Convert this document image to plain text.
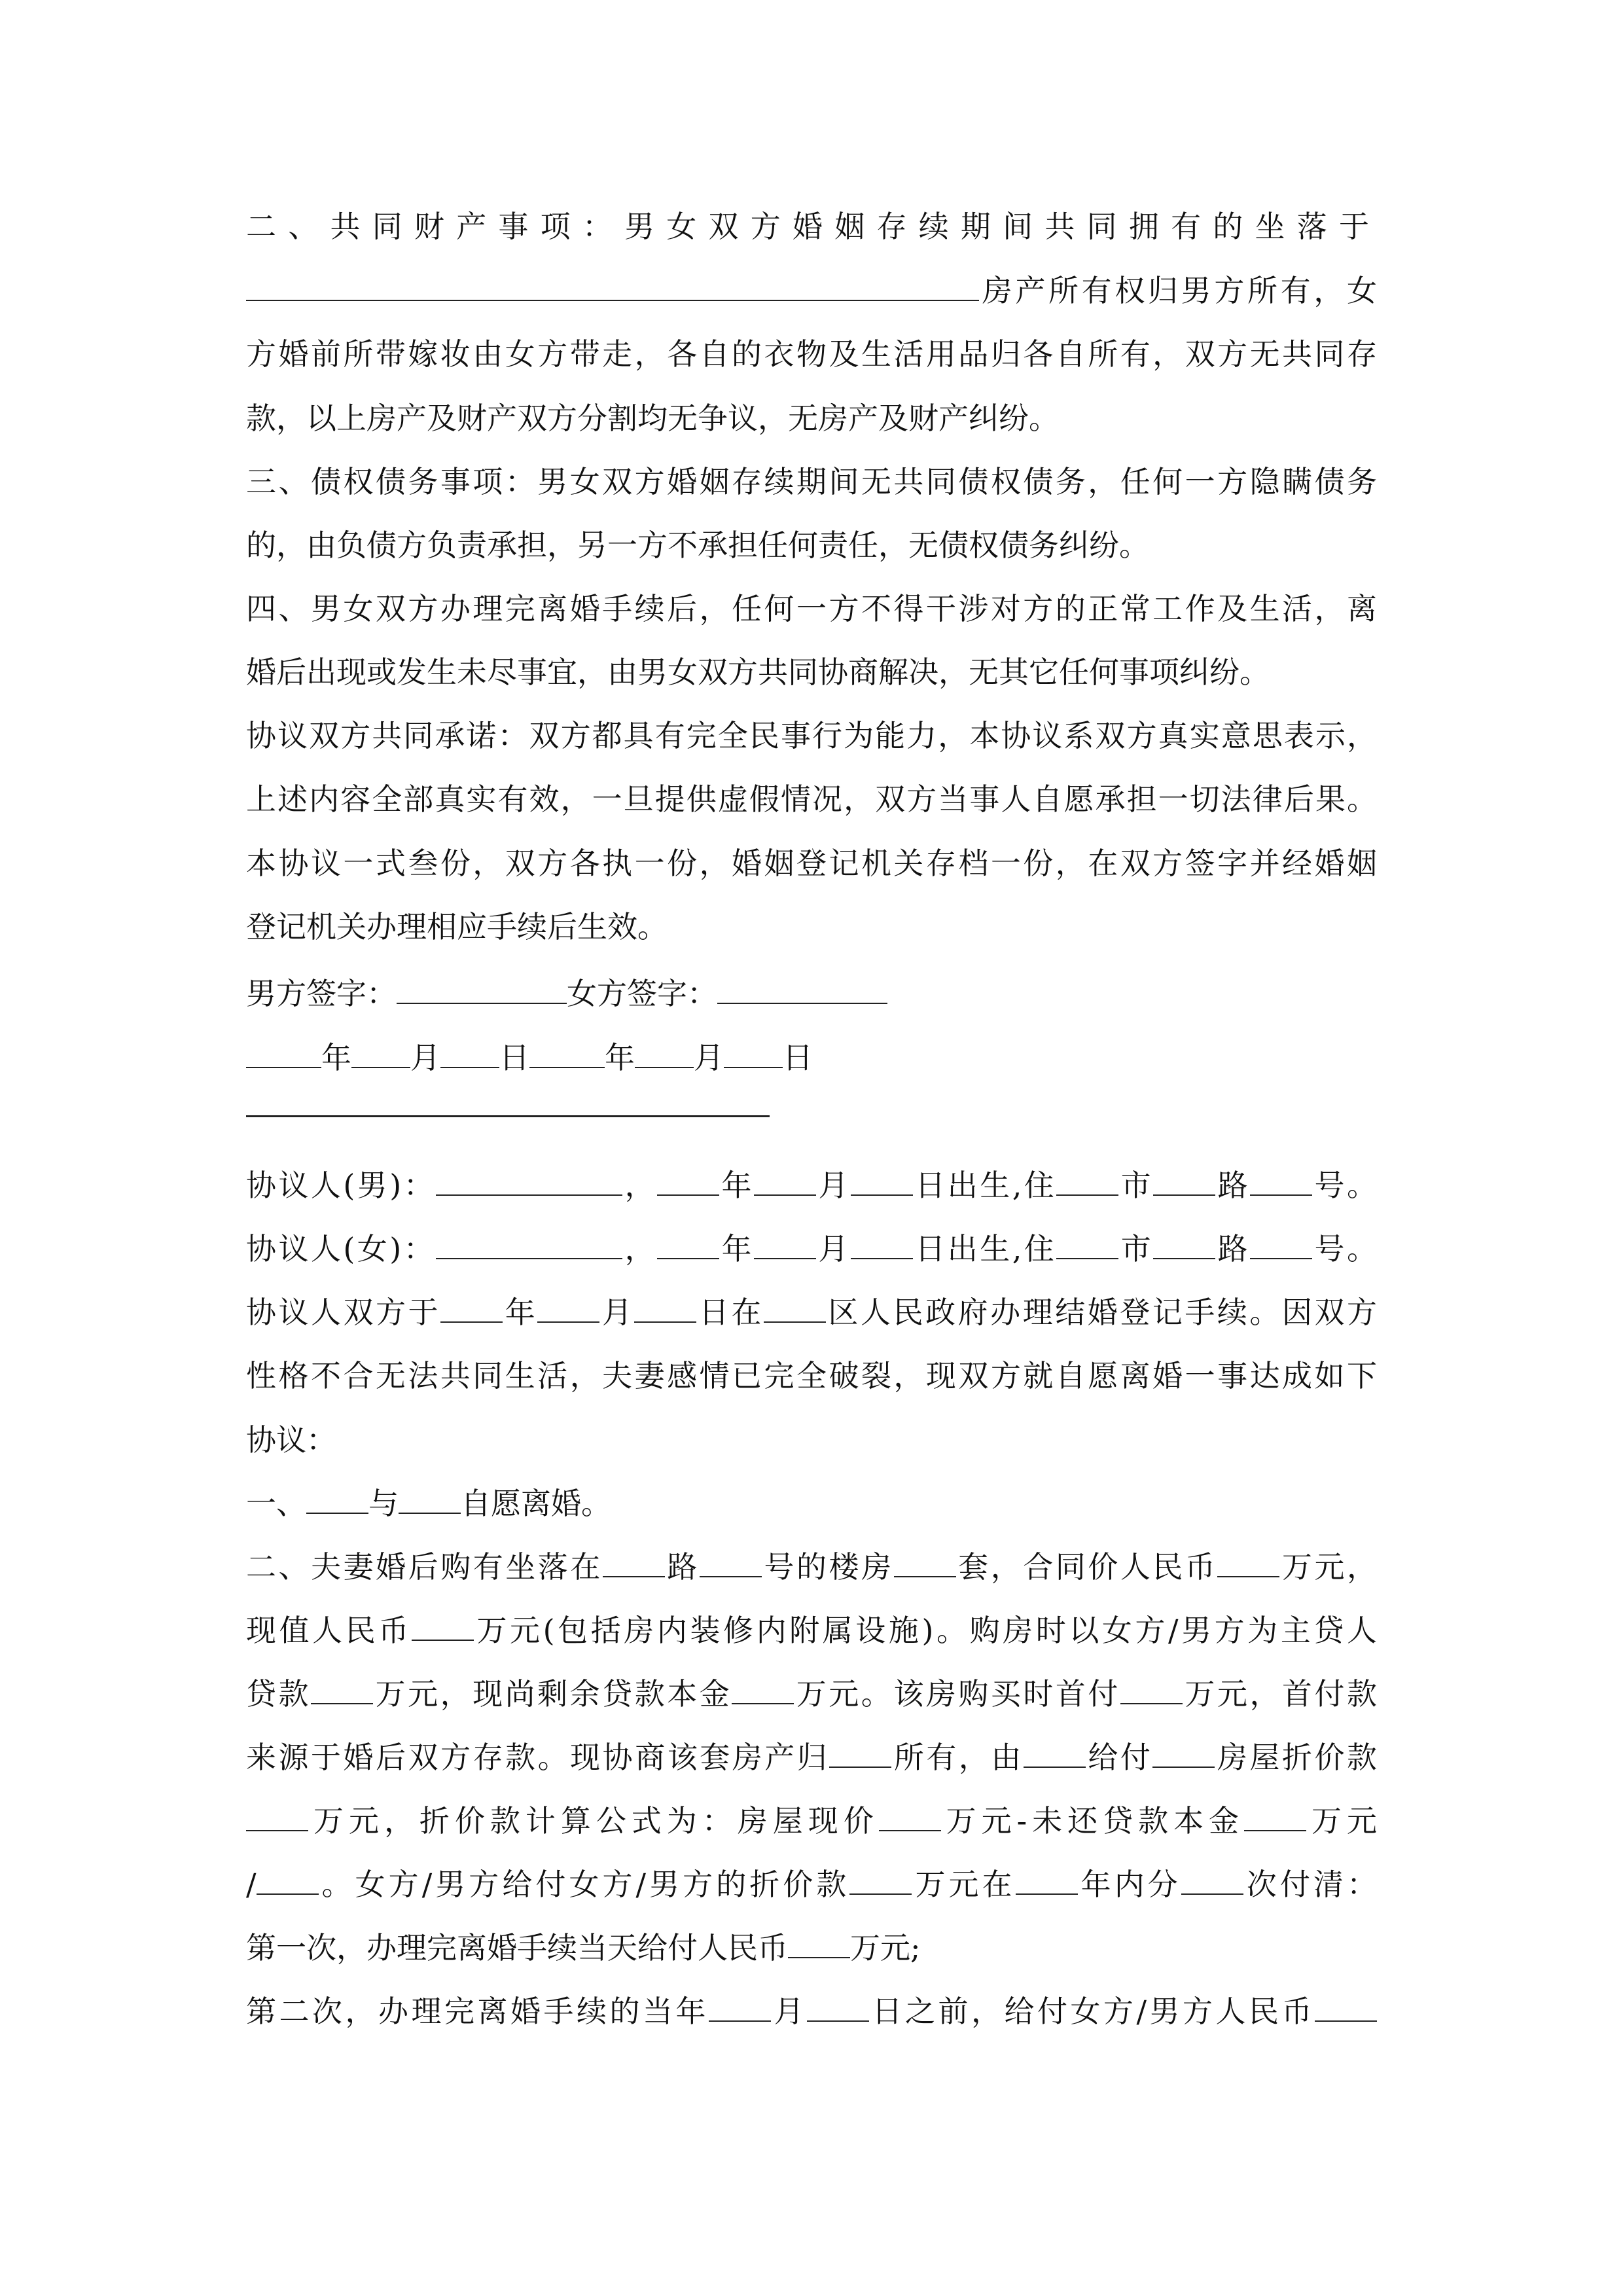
二、共同财产事项：男女双方婚姻存续期间共同拥有的坐落于

房产所有权归男方所有，女

方婚前所带嫁妆由女方带走，各自的衣物及生活用品归各自所有，双方无共同存

款，以上房产及财产双方分割均无争议，无房产及财产纠纷。

三、债权债务事项：男女双方婚姻存续期间无共同债权债务，任何一方隐瞒债务

的，由负债方负责承担，另一方不承担任何责任，无债权债务纠纷。

四、男女双方办理完离婚手续后，任何一方不得干涉对方的正常工作及生活，离

婚后出现或发生未尽事宜，由男女双方共同协商解决，无其它任何事项纠纷。

协议双方共同承诺：双方都具有完全民事行为能力，本协议系双方真实意思表示，

上述内容全部真实有效，一旦提供虚假情况，双方当事人自愿承担一切法律后果。

本协议一式叁份，双方各执一份，婚姻登记机关存档一份，在双方签字并经婚姻

登记机关办理相应手续后生效。

男方签字：	女方签字：

年 月 日	年 月 日

协议人(男)：	， 年 月 日出生,住 市 路 号。

协议人(女)：	， 年 月 日出生,住 市 路 号。

协议人双方于 年 月 日在 区人民政府办理结婚登记手续。因双方

性格不合无法共同生活，夫妻感情已完全破裂，现双方就自愿离婚一事达成如下

协议：

一、 与 自愿离婚。

二、夫妻婚后购有坐落在 路 号的楼房 套，合同价人民币 万元，

现值人民币 万元(包括房内装修内附属设施)。购房时以女方/男方为主贷人

贷款 万元，现尚剩余贷款本金 万元。该房购买时首付 万元，首付款

来源于婚后双方存款。现协商该套房产归 所有，由 给付 房屋折价款

万元，折价款计算公式为：房屋现价 万元-未还贷款本金 万元

/ 。女方/男方给付女方/男方的折价款 万元在 年内分 次付清：

第一次，办理完离婚手续当天给付人民币 万元;

第二次，办理完离婚手续的当年 月 日之前，给付女方/男方人民币
